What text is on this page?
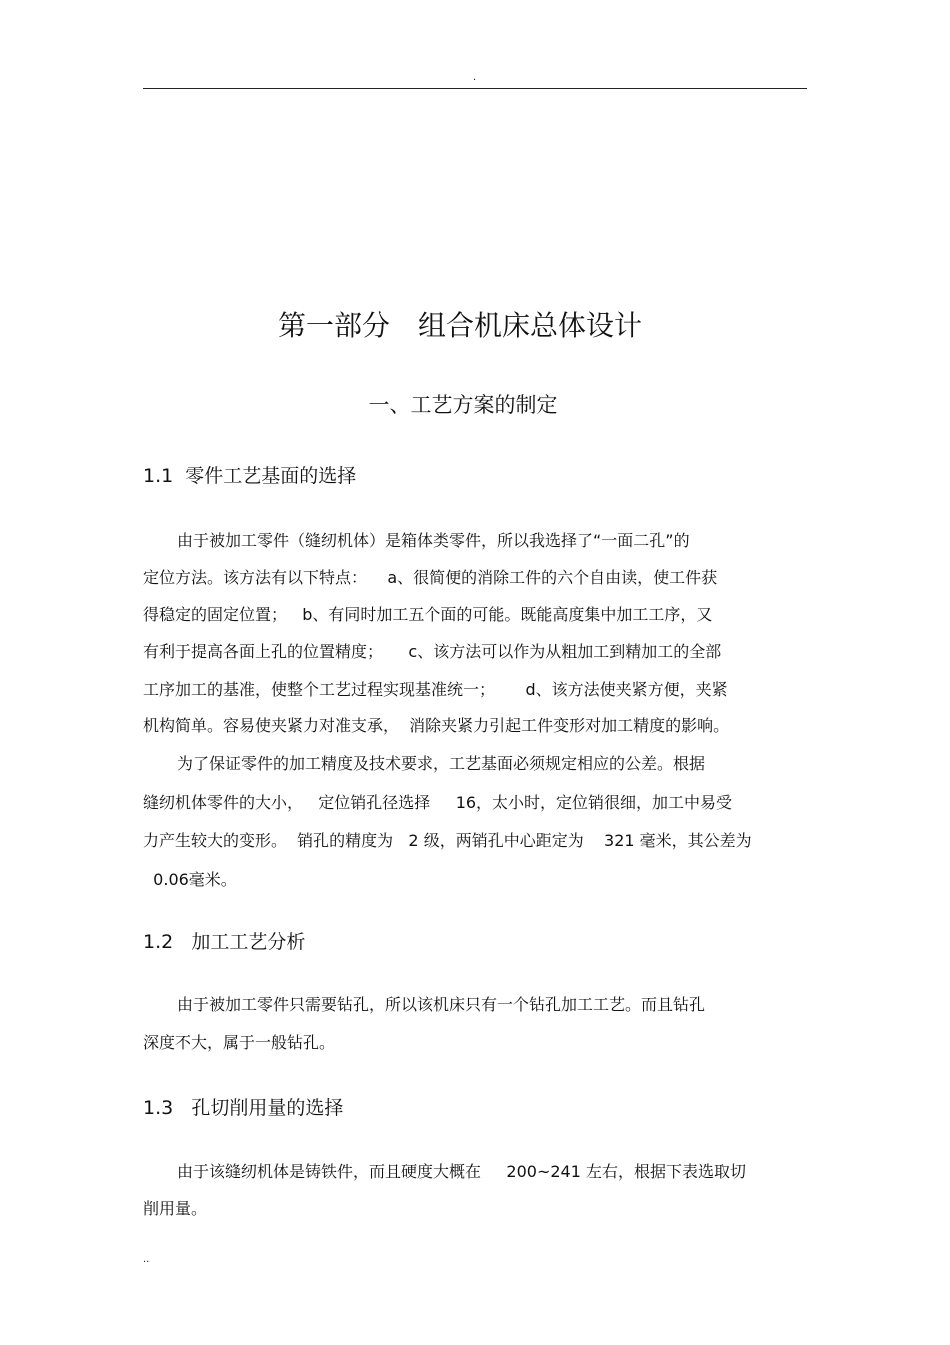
.
第一部分　组合机床总体设计
一、工艺方案的制定
1.1  零件工艺基面的选择

由于被加工零件（缝纫机体）是箱体类零件，所以我选择了“一面二孔”的

定位方法。该方法有以下特点：    a、很简便的消除工件的六个自由读，使工件获

得稳定的固定位置；   b、有同时加工五个面的可能。既能高度集中加工工序，又

有利于提高各面上孔的位置精度；     c、该方法可以作为从粗加工到精加工的全部

工序加工的基准，使整个工艺过程实现基准统一；      d、该方法使夹紧方便，夹紧

机构简单。容易使夹紧力对准支承，  消除夹紧力引起工件变形对加工精度的影响。

为了保证零件的加工精度及技术要求，工艺基面必须规定相应的公差。根据

缝纫机体零件的大小，   定位销孔径选择     16，太小时，定位销很细，加工中易受

力产生较大的变形。  销孔的精度为   2 级，两销孔中心距定为    321 毫米，其公差为

0.06毫米。

1.2   加工工艺分析

由于被加工零件只需要钻孔，所以该机床只有一个钻孔加工工艺。而且钻孔

深度不大，属于一般钻孔。

1.3   孔切削用量的选择

由于该缝纫机体是铸铁件，而且硬度大概在     200~241 左右，根据下表选取切

削用量。

..
